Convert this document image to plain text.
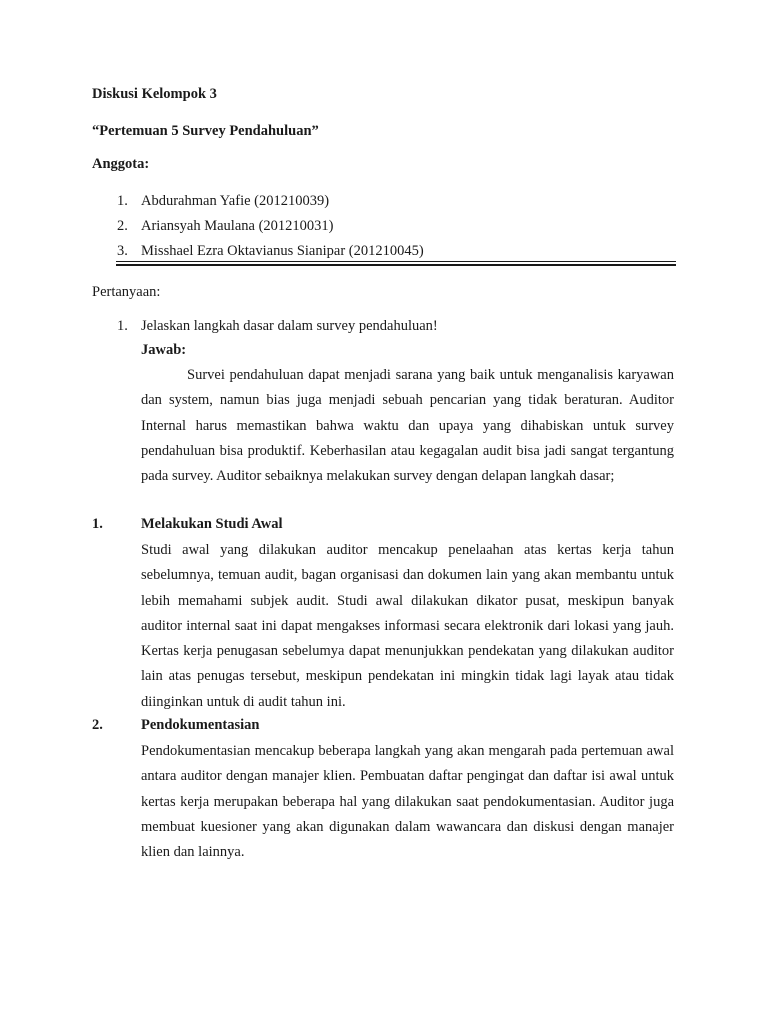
Diskusi Kelompok 3
“Pertemuan 5 Survey Pendahuluan”
Anggota:
1. Abdurahman Yafie (201210039)
2. Ariansyah Maulana (201210031)
3. Misshael Ezra Oktavianus Sianipar (201210045)
Pertanyaan:
1. Jelaskan langkah dasar dalam survey pendahuluan!
Jawab:
Survei pendahuluan dapat menjadi sarana yang baik untuk menganalisis karyawan dan system, namun bias juga menjadi sebuah pencarian yang tidak beraturan. Auditor Internal harus memastikan bahwa waktu dan upaya yang dihabiskan untuk survey pendahuluan bisa produktif. Keberhasilan atau kegagalan audit bisa jadi sangat tergantung pada survey. Auditor sebaiknya melakukan survey dengan delapan langkah dasar;
1.	Melakukan Studi Awal
Studi awal yang dilakukan auditor mencakup penelaahan atas kertas kerja tahun sebelumnya, temuan audit, bagan organisasi dan dokumen lain yang akan membantu untuk lebih memahami subjek audit. Studi awal dilakukan dikator pusat, meskipun banyak auditor internal saat ini dapat mengakses informasi secara elektronik dari lokasi yang jauh. Kertas kerja penugasan sebelumya dapat menunjukkan pendekatan yang dilakukan auditor lain atas penugas tersebut, meskipun pendekatan ini mingkin tidak lagi layak atau tidak diinginkan untuk di audit tahun ini.
2.	Pendokumentasian
Pendokumentasian mencakup beberapa langkah yang akan mengarah pada pertemuan awal antara auditor dengan manajer klien. Pembuatan daftar pengingat dan daftar isi awal untuk kertas kerja merupakan beberapa hal yang dilakukan saat pendokumentasian. Auditor juga membuat kuesioner yang akan digunakan dalam wawancara dan diskusi dengan manajer klien dan lainnya.
